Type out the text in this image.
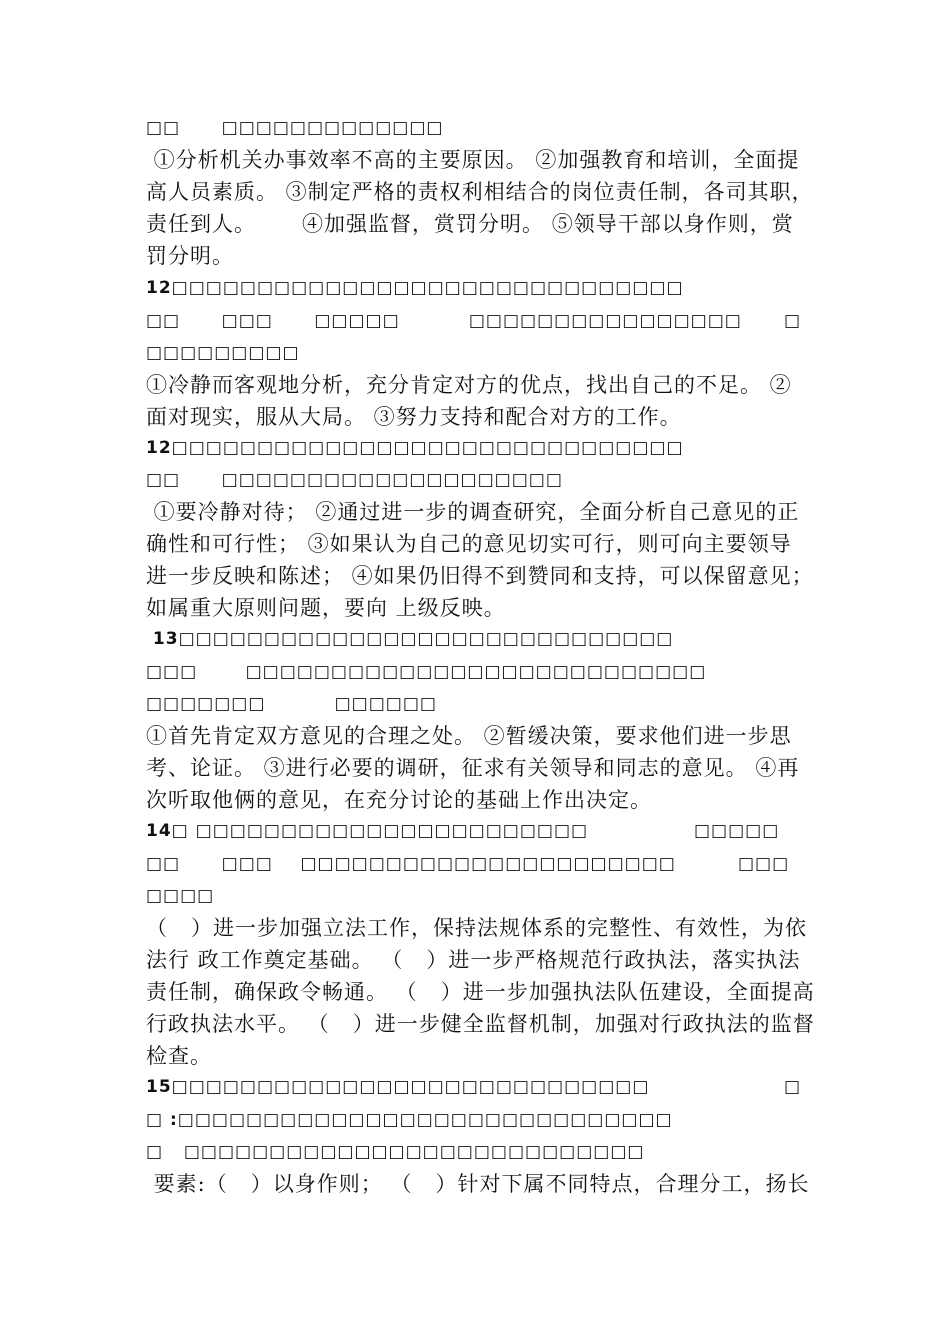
□□      □□□□□□□□□□□□□
①分析机关办事效率不高的主要原因。 ②加强教育和培训，全面提
高人员素质。 ③制定严格的责权利相结合的岗位责任制，各司其职，
责任到人。      ④加强监督，赏罚分明。 ⑤领导干部以身作则，赏
罚分明。
12□□□□□□□□□□□□□□□□□□□□□□□□□□□□□□
□□      □□□      □□□□□          □□□□□□□□□□□□□□□□ □
□□□□□□□□□
①冷静而客观地分析，充分肯定对方的优点，找出自己的不足。 ②
面对现实，服从大局。 ③努力支持和配合对方的工作。
12□□□□□□□□□□□□□□□□□□□□□□□□□□□□□□
□□      □□□□□□□□□□□□□□□□□□□□
①要冷静对待； ②通过进一步的调查研究，全面分析自己意见的正
确性和可行性； ③如果认为自己的意见切实可行，则可向主要领导
进一步反映和陈述； ④如果仍旧得不到赞同和支持，可以保留意见；
如属重大原则问题，要向 上级反映。
13□□□□□□□□□□□□□□□□□□□□□□□□□□□□□
□□□       □□□□□□□□□□□□□□□□□□□□□□□□□□□
□□□□□□□          □□□□□□
①首先肯定双方意见的合理之处。 ②暂缓决策，要求他们进一步思
考、论证。 ③进行必要的调研，征求有关领导和同志的意见。 ④再
次听取他俩的意见，在充分讨论的基础上作出决定。
14□ □□□□□□□□□□□□□□□□□□□□□□□	□□□□□
□□      □□□    □□□□□□□□□□□□□□□□□□□□□□	□□□
□□□□
（   ）进一步加强立法工作，保持法规体系的完整性、有效性，为依
法行 政工作奠定基础。 （   ）进一步严格规范行政执法，落实执法
责任制，确保政令畅通。 （   ）进一步加强执法队伍建设，全面提高
行政执法水平。 （   ）进一步健全监督机制，加强对行政执法的监督
检查。
15□□□□□□□□□□□□□□□□□□□□□□□□□□□□	□
□ :□□□□□□□□□□□□□□□□□□□□□□□□□□□□□
□   □□□□□□□□□□□□□□□□□□□□□□□□□□□
要素:（   ）以身作则； （   ）针对下属不同特点，合理分工，扬长
